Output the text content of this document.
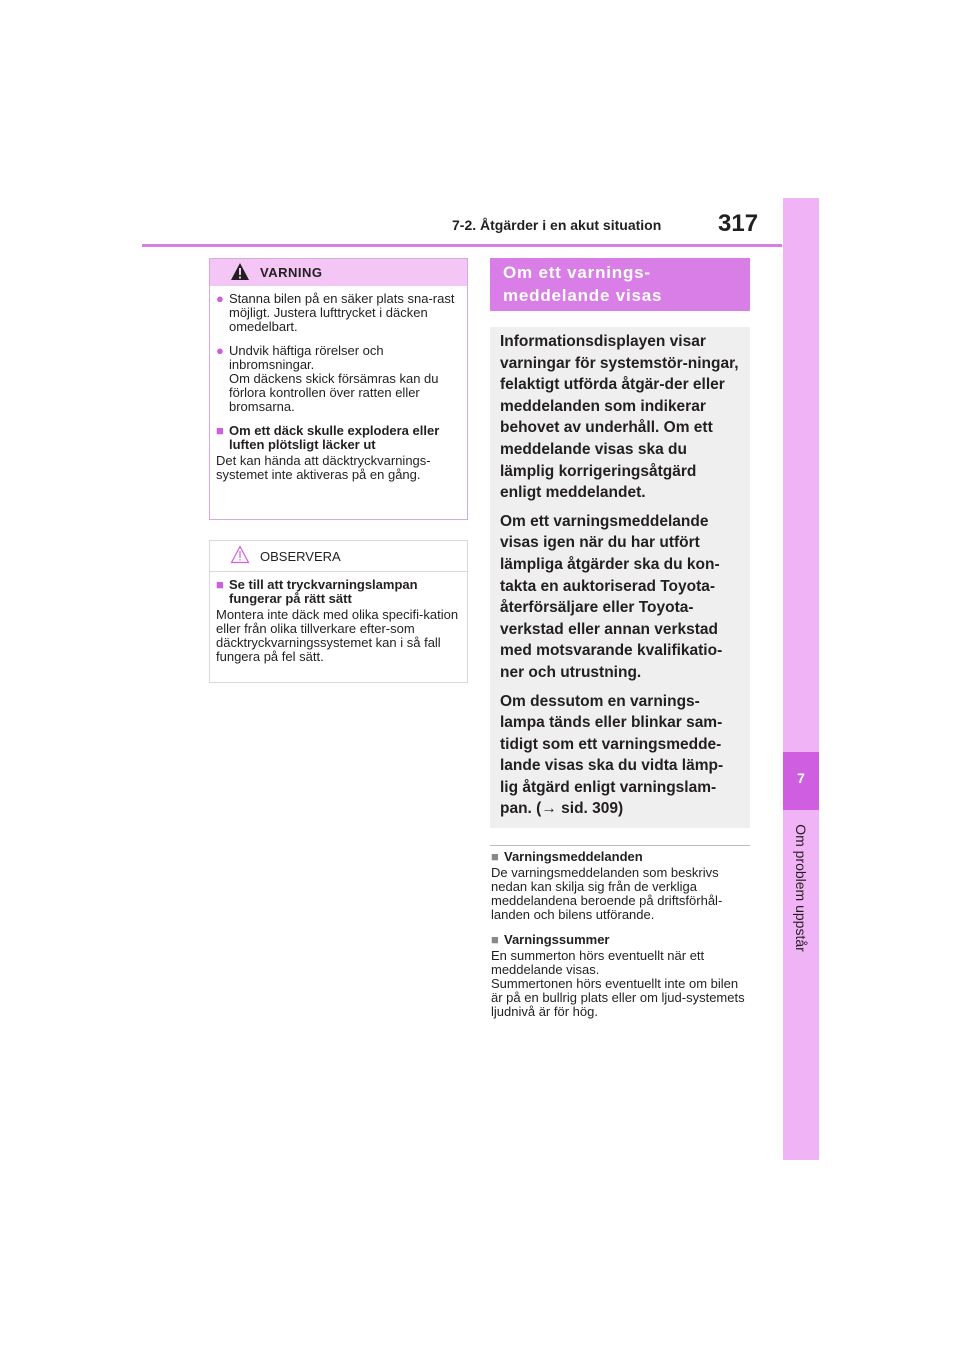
7-2. Åtgärder i en akut situation 317
7
Om problem uppstår
VARNING
● Stanna bilen på en säker plats sna-rast möjligt. Justera lufttrycket i däcken omedelbart.
● Undvik häftiga rörelser och inbromsningar.
Om däckens skick försämras kan du förlora kontrollen över ratten eller bromsarna.
■ Om ett däck skulle explodera eller luften plötsligt läcker ut
Det kan hända att däcktryckvarnings-systemet inte aktiveras på en gång.
OBSERVERA
■ Se till att tryckvarningslampan fungerar på rätt sätt
Montera inte däck med olika specifi-kation eller från olika tillverkare efter-som däcktryckvarningssystemet kan i så fall fungera på fel sätt.
Om ett varnings-
meddelande visas

Informationsdisplayen visar varningar för systemstör-ningar, felaktigt utförda åtgär-der eller meddelanden som indikerar behovet av underhåll. Om ett meddelande visas ska du lämplig korrigeringsåtgärd enligt meddelandet.

Om ett varningsmeddelande visas igen när du har utfört lämpliga åtgärder ska du kon-takta en auktoriserad Toyota-återförsäljare eller Toyota-verkstad eller annan verkstad med motsvarande kvalifikatio-ner och utrustning.

Om dessutom en varnings-lampa tänds eller blinkar sam-tidigt som ett varningsmedde-lande visas ska du vidta lämp-lig åtgärd enligt varningslam-pan. (→ sid. 309)

■ Varningsmeddelanden
De varningsmeddelanden som beskrivs nedan kan skilja sig från de verkliga meddelandena beroende på driftsförhål-landen och bilens utförande.
■ Varningssummer
En summerton hörs eventuellt när ett meddelande visas.
Summertonen hörs eventuellt inte om bilen är på en bullrig plats eller om ljud-systemets ljudnivå är för hög.
